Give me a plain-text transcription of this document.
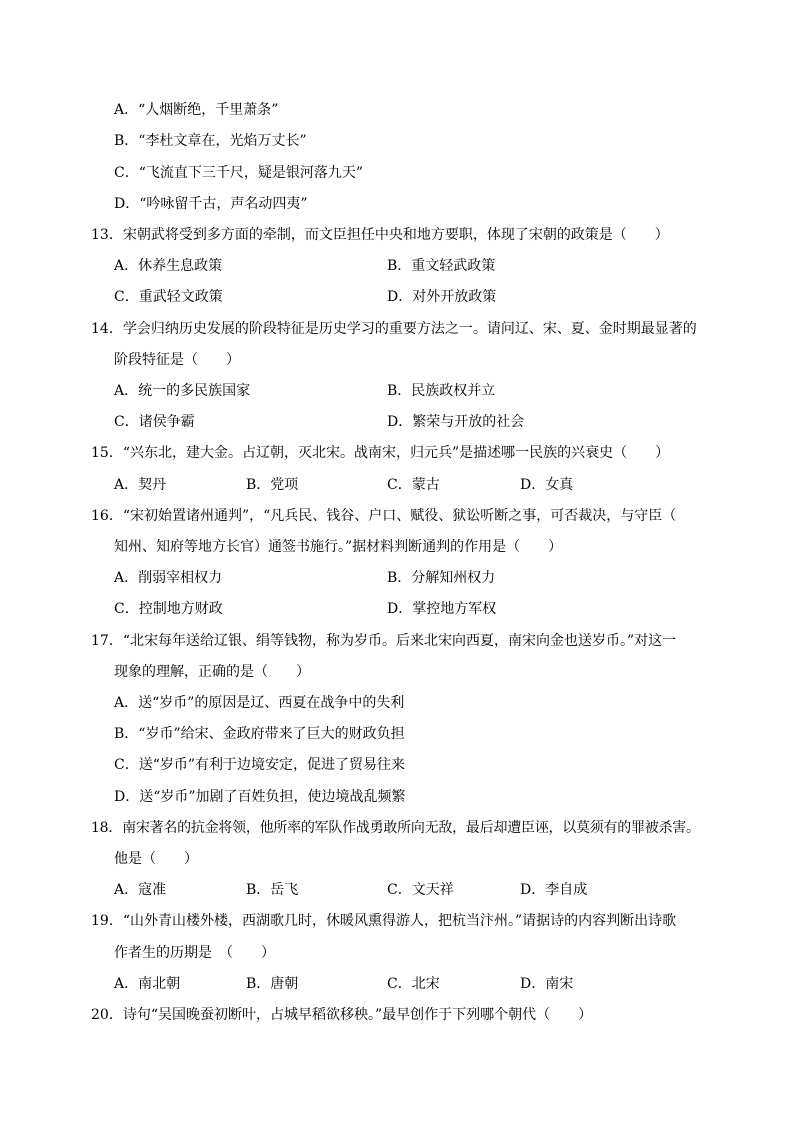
A．“人烟断绝，千里萧条”
B．“李杜文章在，光焰万丈长”
C．“飞流直下三千尺，疑是银河落九天”
D．“吟咏留千古，声名动四夷”
13．宋朝武将受到多方面的牵制，而文臣担任中央和地方要职，体现了宋朝的政策是（　　）
A．休养生息政策	B．重文轻武政策
C．重武轻文政策	D．对外开放政策
14．学会归纳历史发展的阶段特征是历史学习的重要方法之一。请问辽、宋、夏、金时期最显著的
阶段特征是（　　）
A．统一的多民族国家	B．民族政权并立
C．诸侯争霸	D．繁荣与开放的社会
15．“兴东北，建大金。占辽朝，灭北宋。战南宋，归元兵”是描述哪一民族的兴衰史（　　）
A．契丹	B．党项	C．蒙古	D．女真
16．“宋初始置诸州通判”，“凡兵民、钱谷、户口、赋役、狱讼听断之事，可否裁决，与守臣（
知州、知府等地方长官）通签书施行。”据材料判断通判的作用是（　　）
A．削弱宰相权力	B．分解知州权力
C．控制地方财政	D．掌控地方军权
17．“北宋每年送给辽银、绢等钱物，称为岁币。后来北宋向西夏，南宋向金也送岁币。”对这一
现象的理解，正确的是（　　）
A．送“岁币”的原因是辽、西夏在战争中的失利
B．“岁币”给宋、金政府带来了巨大的财政负担
C．送“岁币”有利于边境安定，促进了贸易往来
D．送“岁币”加剧了百姓负担，使边境战乱频繁
18．南宋著名的抗金将领，他所率的军队作战勇敢所向无敌，最后却遭臣诬，以莫须有的罪被杀害。
他是（　　）
A．寇准	B．岳飞	C．文天祥	D．李自成
19．“山外青山楼外楼，西湖歌几时，休暖风熏得游人，把杭当汴州。”请据诗的内容判断出诗歌
作者生的历期是　（　　）
A．南北朝	B．唐朝	C．北宋	D．南宋
20．诗句“吴国晚蚕初断叶，占城早稻欲移秧。”最早创作于下列哪个朝代（　　）
